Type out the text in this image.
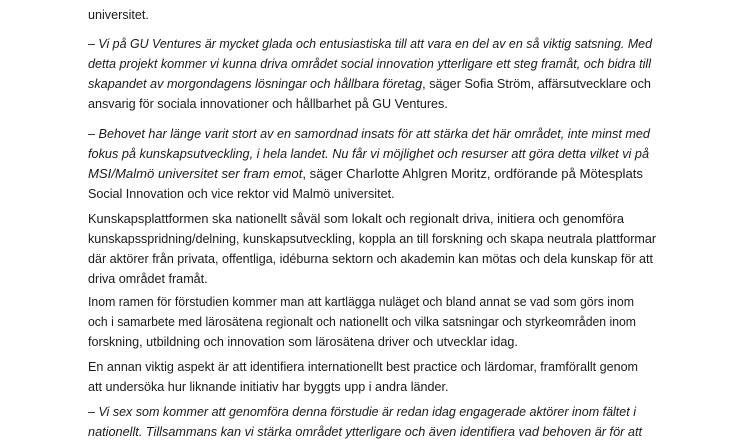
universitet.
– Vi på GU Ventures är mycket glada och entusiastiska till att vara en del av en så viktig satsning. Med
detta projekt kommer vi kunna driva området social innovation ytterligare ett steg framåt, och bidra till
skapandet av morgondagens lösningar och hållbara företag, säger Sofia Ström, affärsutvecklare och
ansvarig för sociala innovationer och hållbarhet på GU Ventures.
– Behovet har länge varit stort av en samordnad insats för att stärka det här området, inte minst med
fokus på kunskapsutveckling, i hela landet. Nu får vi möjlighet och resurser att göra detta vilket vi på
MSI/Malmö universitet ser fram emot, säger Charlotte Ahlgren Moritz, ordförande på Mötesplats
Social Innovation och vice rektor vid Malmö universitet.
Kunskapsplattformen ska nationellt såväl som lokalt och regionalt driva, initiera och genomföra
kunskapsspridning/delning, kunskapsutveckling, koppla an till forskning och skapa neutrala plattformar
där aktörer från privata, offentliga, idéburna sektorn och akademin kan mötas och dela kunskap för att
driva området framåt.
Inom ramen för förstudien kommer man att kartlägga nuläget och bland annat se vad som görs inom
och i samarbete med lärosätena regionalt och nationellt och vilka satsningar och styrkeområden inom
forskning, utbildning och innovation som lärosätena driver och utvecklar idag.
En annan viktig aspekt är att identifiera internationellt best practice och lärdomar, framförallt genom
att undersöka hur liknande initiativ har byggts upp i andra länder.
– Vi sex som kommer att genomföra denna förstudie är redan idag engagerade aktörer inom fältet i
nationellt. Tillsammans kan vi stärka området ytterligare och även identifiera vad behoven är för att
